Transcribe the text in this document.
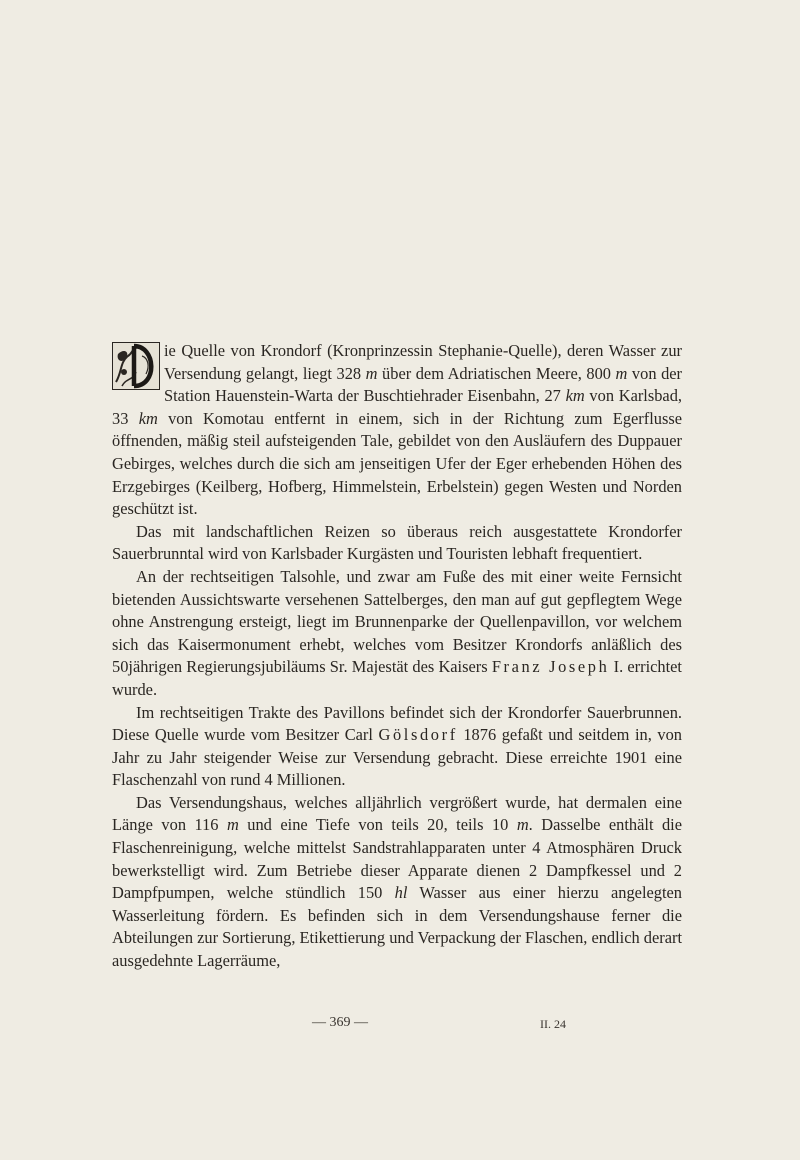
ie Quelle von Krondorf (Kronprinzessin Stephanie-Quelle), deren Wasser zur Versendung gelangt, liegt 328 m über dem Adriatischen Meere, 800 m von der Station Hauenstein-Warta der Buschtiehrader Eisenbahn, 27 km von Karlsbad, 33 km von Komotau entfernt in einem, sich in der Richtung zum Egerflusse öffnenden, mäßig steil aufsteigenden Tale, gebildet von den Ausläufern des Duppauer Gebirges, welches durch die sich am jenseitigen Ufer der Eger erhebenden Höhen des Erzgebirges (Keilberg, Hofberg, Himmelstein, Erbelstein) gegen Westen und Norden geschützt ist.

Das mit landschaftlichen Reizen so überaus reich ausgestattete Krondorfer Sauerbrunntal wird von Karlsbader Kurgästen und Touristen lebhaft frequentiert.

An der rechtseitigen Talsohle, und zwar am Fuße des mit einer weite Fernsicht bietenden Aussichtswarte versehenen Sattelberges, den man auf gut gepflegtem Wege ohne Anstrengung ersteigt, liegt im Brunnenparke der Quellenpavillon, vor welchem sich das Kaisermonument erhebt, welches vom Besitzer Krondorfs anläßlich des 50jährigen Regierungsjubiläums Sr. Majestät des Kaisers Franz Joseph I. errichtet wurde.

Im rechtseitigen Trakte des Pavillons befindet sich der Krondorfer Sauerbrunnen. Diese Quelle wurde vom Besitzer Carl Gölsdorf 1876 gefaßt und seitdem in, von Jahr zu Jahr steigender Weise zur Versendung gebracht. Diese erreichte 1901 eine Flaschenzahl von rund 4 Millionen.

Das Versendungshaus, welches alljährlich vergrößert wurde, hat dermalen eine Länge von 116 m und eine Tiefe von teils 20, teils 10 m. Dasselbe enthält die Flaschenreinigung, welche mittelst Sandstrahlapparaten unter 4 Atmosphären Druck bewerkstelligt wird. Zum Betriebe dieser Apparate dienen 2 Dampfkessel und 2 Dampfpumpen, welche stündlich 150 hl Wasser aus einer hierzu angelegten Wasserleitung fördern. Es befinden sich in dem Versendungshause ferner die Abteilungen zur Sortierung, Etikettierung und Verpackung der Flaschen, endlich derart ausgedehnte Lagerräume,

— 369 —	II. 24
